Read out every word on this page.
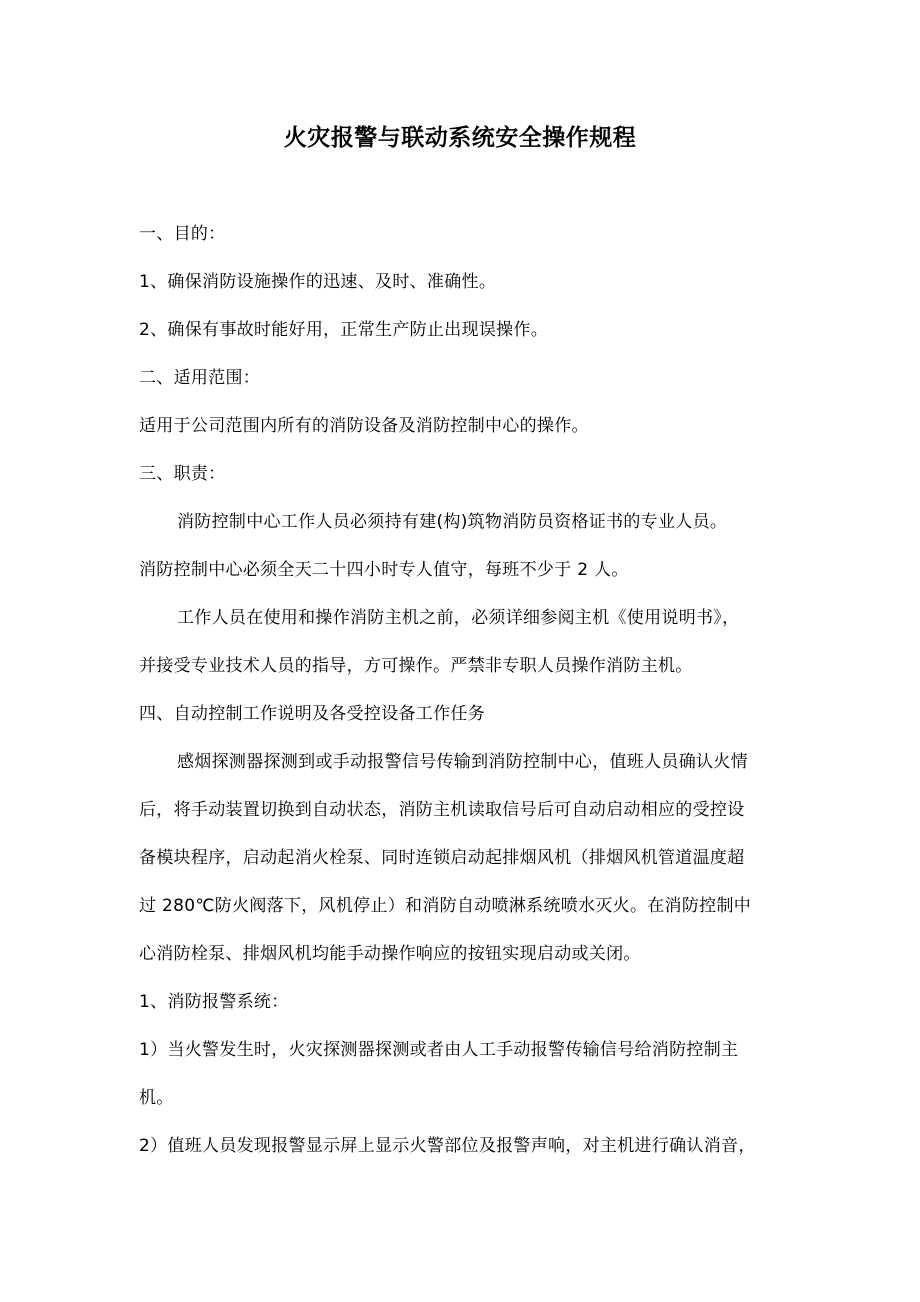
火灾报警与联动系统安全操作规程
一、目的：
1、确保消防设施操作的迅速、及时、准确性。
2、确保有事故时能好用，正常生产防止出现误操作。
二、适用范围：
适用于公司范围内所有的消防设备及消防控制中心的操作。
三、职责：
消防控制中心工作人员必须持有建(构)筑物消防员资格证书的专业人员。
消防控制中心必须全天二十四小时专人值守，每班不少于 2 人。
工作人员在使用和操作消防主机之前，必须详细参阅主机《使用说明书》，
并接受专业技术人员的指导，方可操作。严禁非专职人员操作消防主机。
四、自动控制工作说明及各受控设备工作任务
感烟探测器探测到或手动报警信号传输到消防控制中心，值班人员确认火情
后，将手动装置切换到自动状态，消防主机读取信号后可自动启动相应的受控设
备模块程序，启动起消火栓泵、同时连锁启动起排烟风机（排烟风机管道温度超
过 280℃防火阀落下，风机停止）和消防自动喷淋系统喷水灭火。在消防控制中
心消防栓泵、排烟风机均能手动操作响应的按钮实现启动或关闭。
1、消防报警系统：
1）当火警发生时，火灾探测器探测或者由人工手动报警传输信号给消防控制主
机。
2）值班人员发现报警显示屏上显示火警部位及报警声响，对主机进行确认消音，
